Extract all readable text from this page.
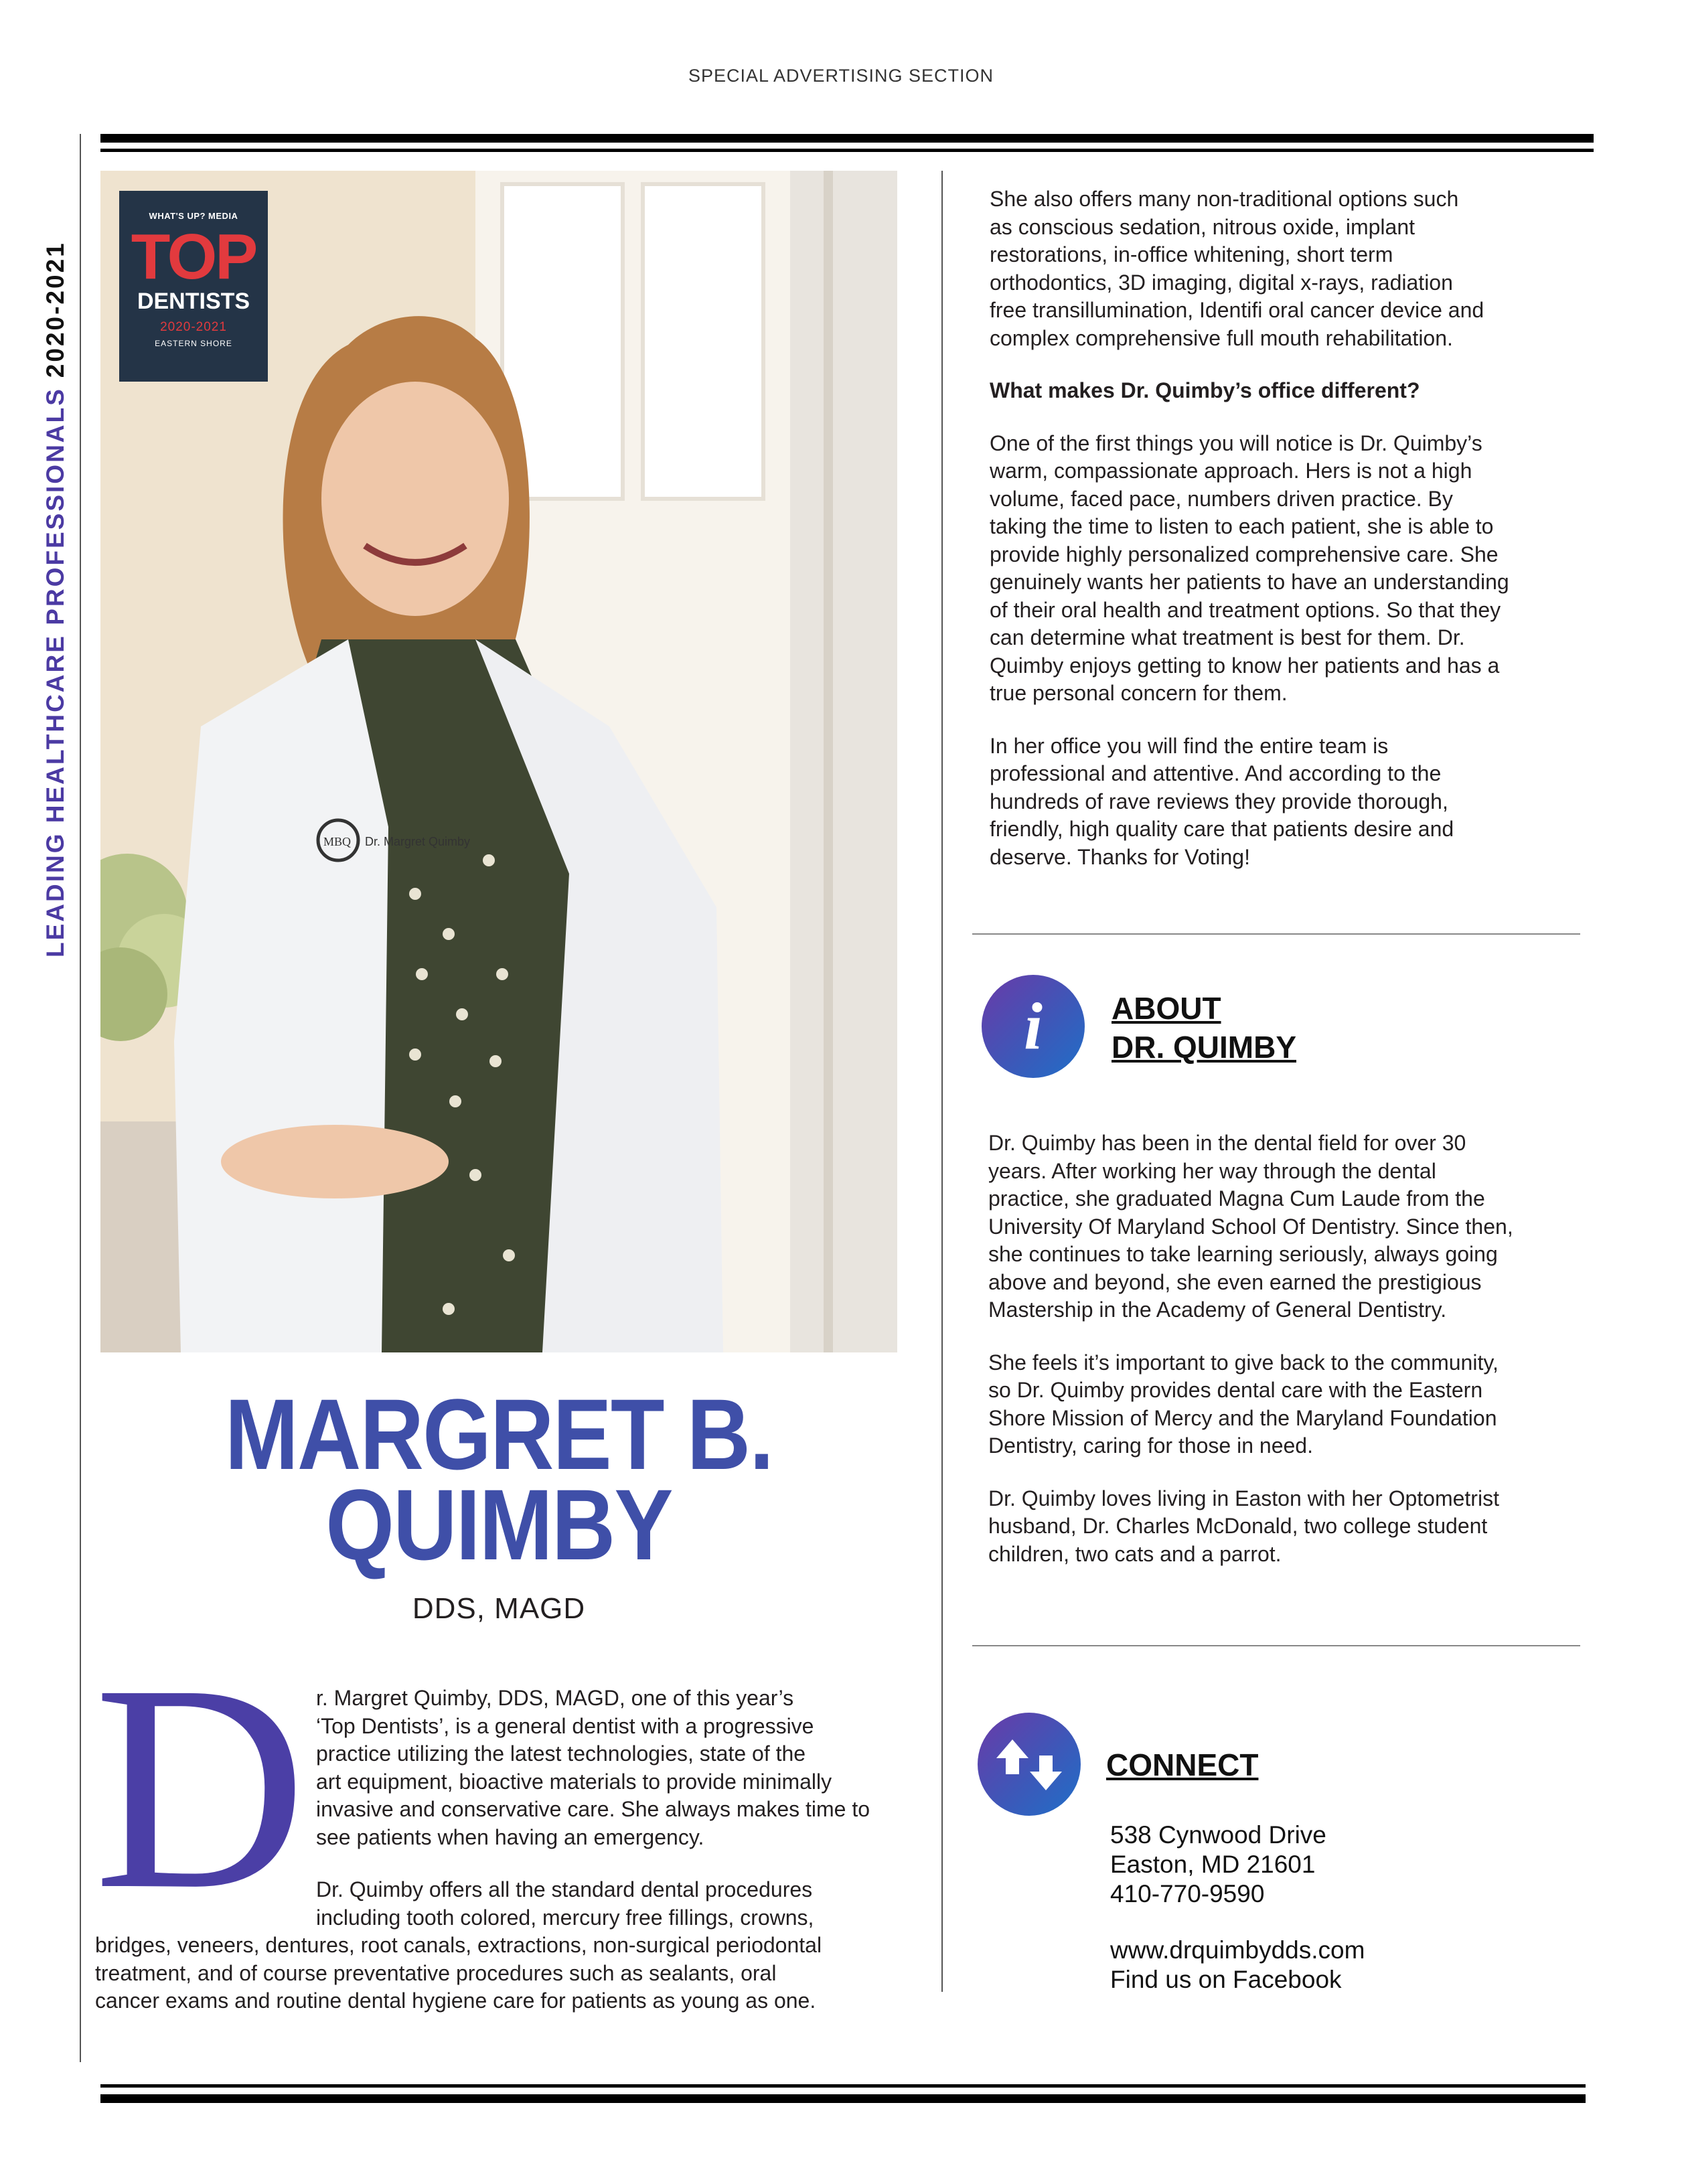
SPECIAL ADVERTISING SECTION
LEADING HEALTHCARE PROFESSIONALS2020-2021
Dr. Margret Quimby
MBQ
WHAT'S UP? MEDIA
TOP
DENTISTS
2020-2021
EASTERN SHORE
MARGRET B.
QUIMBY
DDS, MAGD
D r. Margret Quimby, DDS, MAGD, one of this year’s

‘Top Dentists’, is a general dentist with a progressive

practice utilizing the latest technologies, state of the

art equipment, bioactive materials to provide minimally

invasive and conservative care. She always makes time to

see patients when having an emergency.

Dr. Quimby offers all the standard dental procedures

including tooth colored, mercury free fillings, crowns,

bridges, veneers, dentures, root canals, extractions, non-surgical periodontal

treatment, and of course preventative procedures such as sealants, oral

cancer exams and routine dental hygiene care for patients as young as one.

She also offers many non-traditional options such

as conscious sedation, nitrous oxide, implant

restorations, in-office whitening, short term

orthodontics, 3D imaging, digital x-rays, radiation

free transillumination, Identifi oral cancer device and

complex comprehensive full mouth rehabilitation.

What makes Dr. Quimby’s office different?

One of the first things you will notice is Dr. Quimby’s

warm, compassionate approach. Hers is not a high

volume, faced pace, numbers driven practice. By

taking the time to listen to each patient, she is able to

provide highly personalized comprehensive care. She

genuinely wants her patients to have an understanding

of their oral health and treatment options. So that they

can determine what treatment is best for them. Dr.

Quimby enjoys getting to know her patients and has a

true personal concern for them.

In her office you will find the entire team is

professional and attentive. And according to the

hundreds of rave reviews they provide thorough,

friendly, high quality care that patients desire and

deserve. Thanks for Voting!

i	ABOUT
DR. QUIMBY

Dr. Quimby has been in the dental field for over 30

years. After working her way through the dental

practice, she graduated Magna Cum Laude from the

University Of Maryland School Of Dentistry. Since then,

she continues to take learning seriously, always going

above and beyond, she even earned the prestigious

Mastership in the Academy of General Dentistry.

She feels it’s important to give back to the community,

so Dr. Quimby provides dental care with the Eastern

Shore Mission of Mercy and the Maryland Foundation

Dentistry, caring for those in need.

Dr. Quimby loves living in Easton with her Optometrist

husband, Dr. Charles McDonald, two college student

children, two cats and a parrot.

CONNECT
538 Cynwood Drive
Easton, MD 21601
410-770-9590
www.drquimbydds.com
Find us on Facebook
